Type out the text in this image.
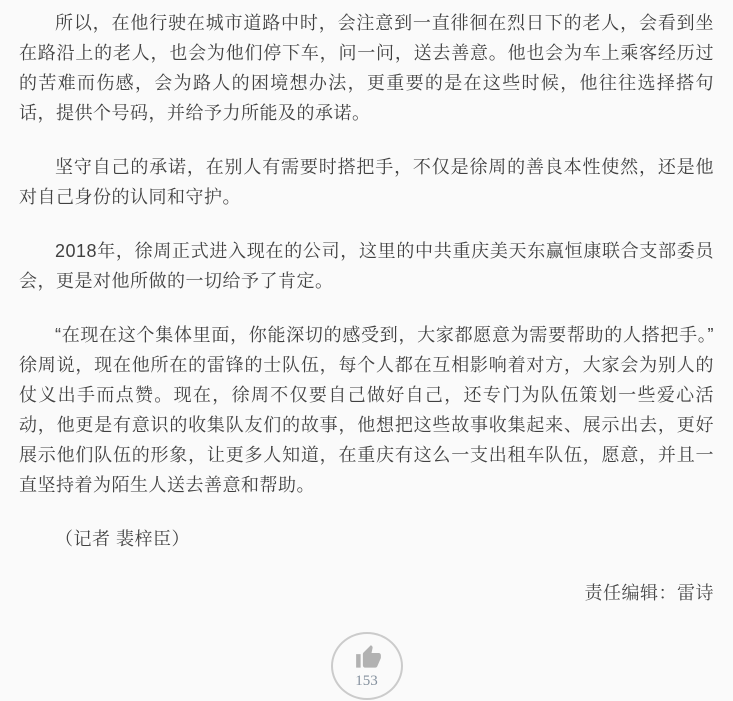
所以，在他行驶在城市道路中时，会注意到一直徘徊在烈日下的老人，会看到坐在路沿上的老人，也会为他们停下车，问一问，送去善意。他也会为车上乘客经历过的苦难而伤感，会为路人的困境想办法，更重要的是在这些时候，他往往选择搭句话，提供个号码，并给予力所能及的承诺。

坚守自己的承诺，在别人有需要时搭把手，不仅是徐周的善良本性使然，还是他对自己身份的认同和守护。

2018年，徐周正式进入现在的公司，这里的中共重庆美天东赢恒康联合支部委员会，更是对他所做的一切给予了肯定。

“在现在这个集体里面，你能深切的感受到，大家都愿意为需要帮助的人搭把手。” 徐周说，现在他所在的雷锋的士队伍，每个人都在互相影响着对方，大家会为别人的仗义出手而点赞。现在，徐周不仅要自己做好自己，还专门为队伍策划一些爱心活动，他更是有意识的收集队友们的故事，他想把这些故事收集起来、展示出去，更好展示他们队伍的形象，让更多人知道，在重庆有这么一支出租车队伍，愿意，并且一直坚持着为陌生人送去善意和帮助。

（记者 裴梓臣）

责任编辑：雷诗
153
